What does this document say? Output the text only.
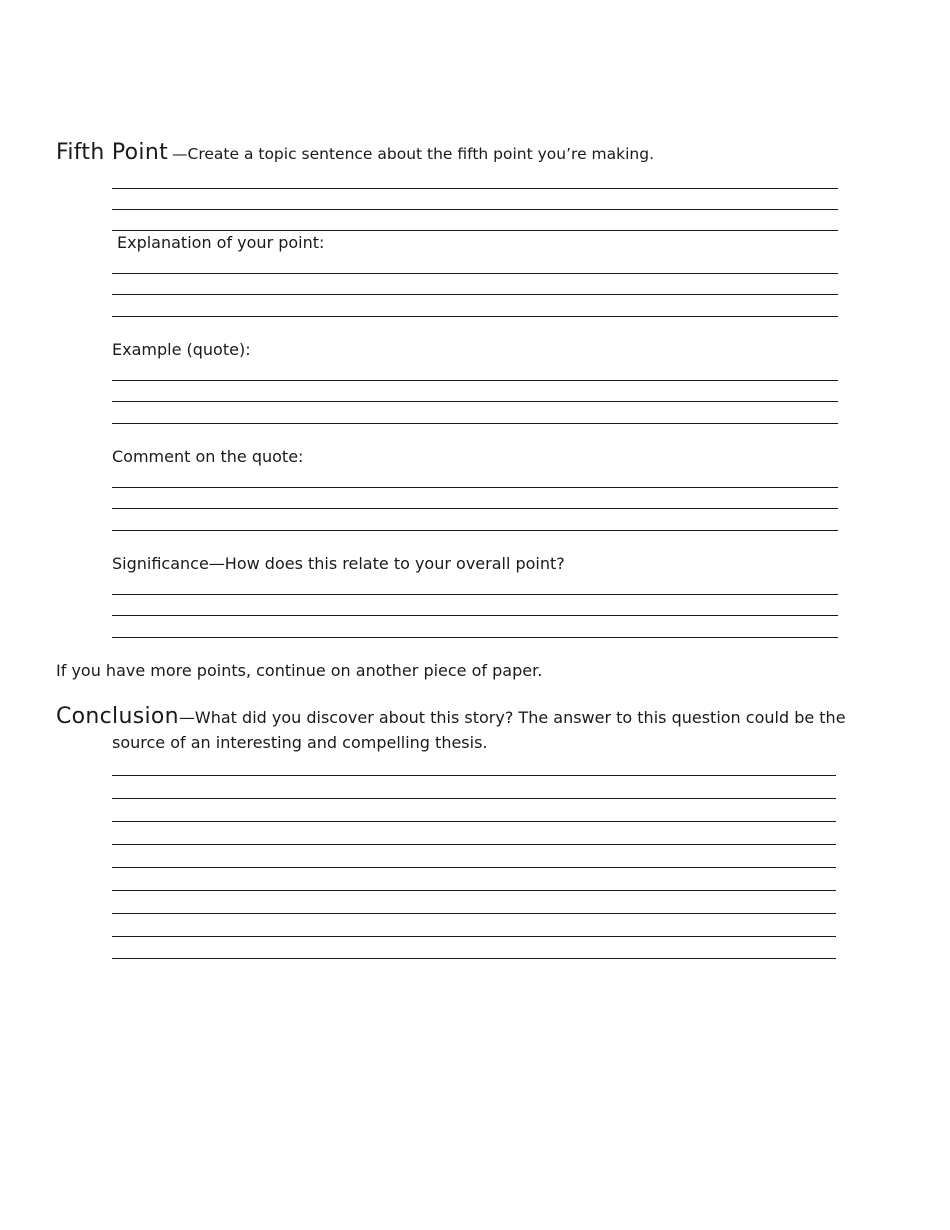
Fifth Point —Create a topic sentence about the fifth point you’re making.
Explanation of your point:
Example (quote):
Comment on the quote:
Significance—How does this relate to your overall point?
If you have more points, continue on another piece of paper.
Conclusion—What did you discover about this story? The answer to this question could be the
source of an interesting and compelling thesis.
